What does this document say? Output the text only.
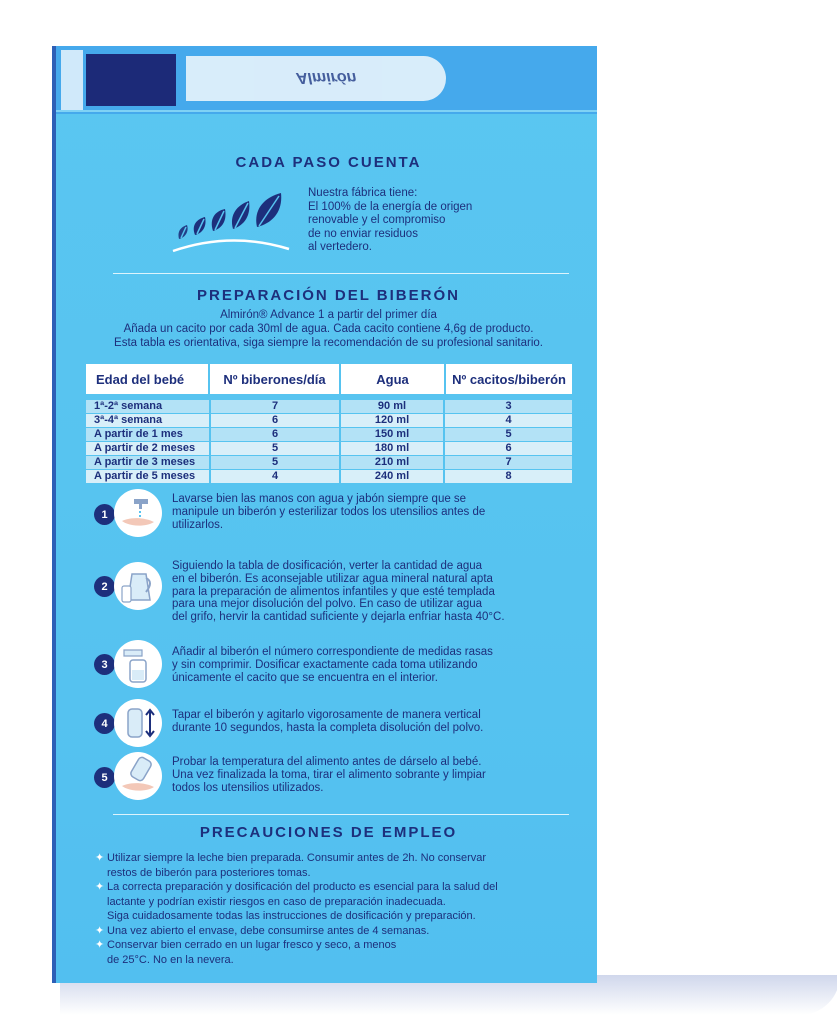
Almirón
CADA PASO CUENTA
Nuestra fábrica tiene:
El 100% de la energía de origen
renovable y el compromiso
de no enviar residuos
al vertedero.
PREPARACIÓN DEL BIBERÓN
Almirón® Advance 1 a partir del primer día
Añada un cacito por cada 30ml de agua. Cada cacito contiene 4,6g de producto.
Esta tabla es orientativa, siga siempre la recomendación de su profesional sanitario.
Edad del bebé	Nº biberones/día	Agua	Nº cacitos/biberón
1ª-2ª semana	7	90 ml	3
3ª-4ª semana	6	120 ml	4
A partir de 1 mes	6	150 ml	5
A partir de 2 meses	5	180 ml	6
A partir de 3 meses	5	210 ml	7
A partir de 5 meses	4	240 ml	8
1
Lavarse bien las manos con agua y jabón siempre que se
manipule un biberón y esterilizar todos los utensilios antes de
utilizarlos.
2
Siguiendo la tabla de dosificación, verter la cantidad de agua
en el biberón. Es aconsejable utilizar agua mineral natural apta
para la preparación de alimentos infantiles y que esté templada
para una mejor disolución del polvo. En caso de utilizar agua
del grifo, hervir la cantidad suficiente y dejarla enfriar hasta 40°C.
3
Añadir al biberón el número correspondiente de medidas rasas
y sin comprimir. Dosificar exactamente cada toma utilizando
únicamente el cacito que se encuentra en el interior.
4
Tapar el biberón y agitarlo vigorosamente de manera vertical
durante 10 segundos, hasta la completa disolución del polvo.
5
Probar la temperatura del alimento antes de dárselo al bebé.
Una vez finalizada la toma, tirar el alimento sobrante y limpiar
todos los utensilios utilizados.
PRECAUCIONES DE EMPLEO
✦ Utilizar siempre la leche bien preparada. Consumir antes de 2h. No conservar
restos de biberón para posteriores tomas.
✦ La correcta preparación y dosificación del producto es esencial para la salud del
lactante y podrían existir riesgos en caso de preparación inadecuada.
Siga cuidadosamente todas las instrucciones de dosificación y preparación.
✦ Una vez abierto el envase, debe consumirse antes de 4 semanas.
✦ Conservar bien cerrado en un lugar fresco y seco, a menos
de 25°C. No en la nevera.
